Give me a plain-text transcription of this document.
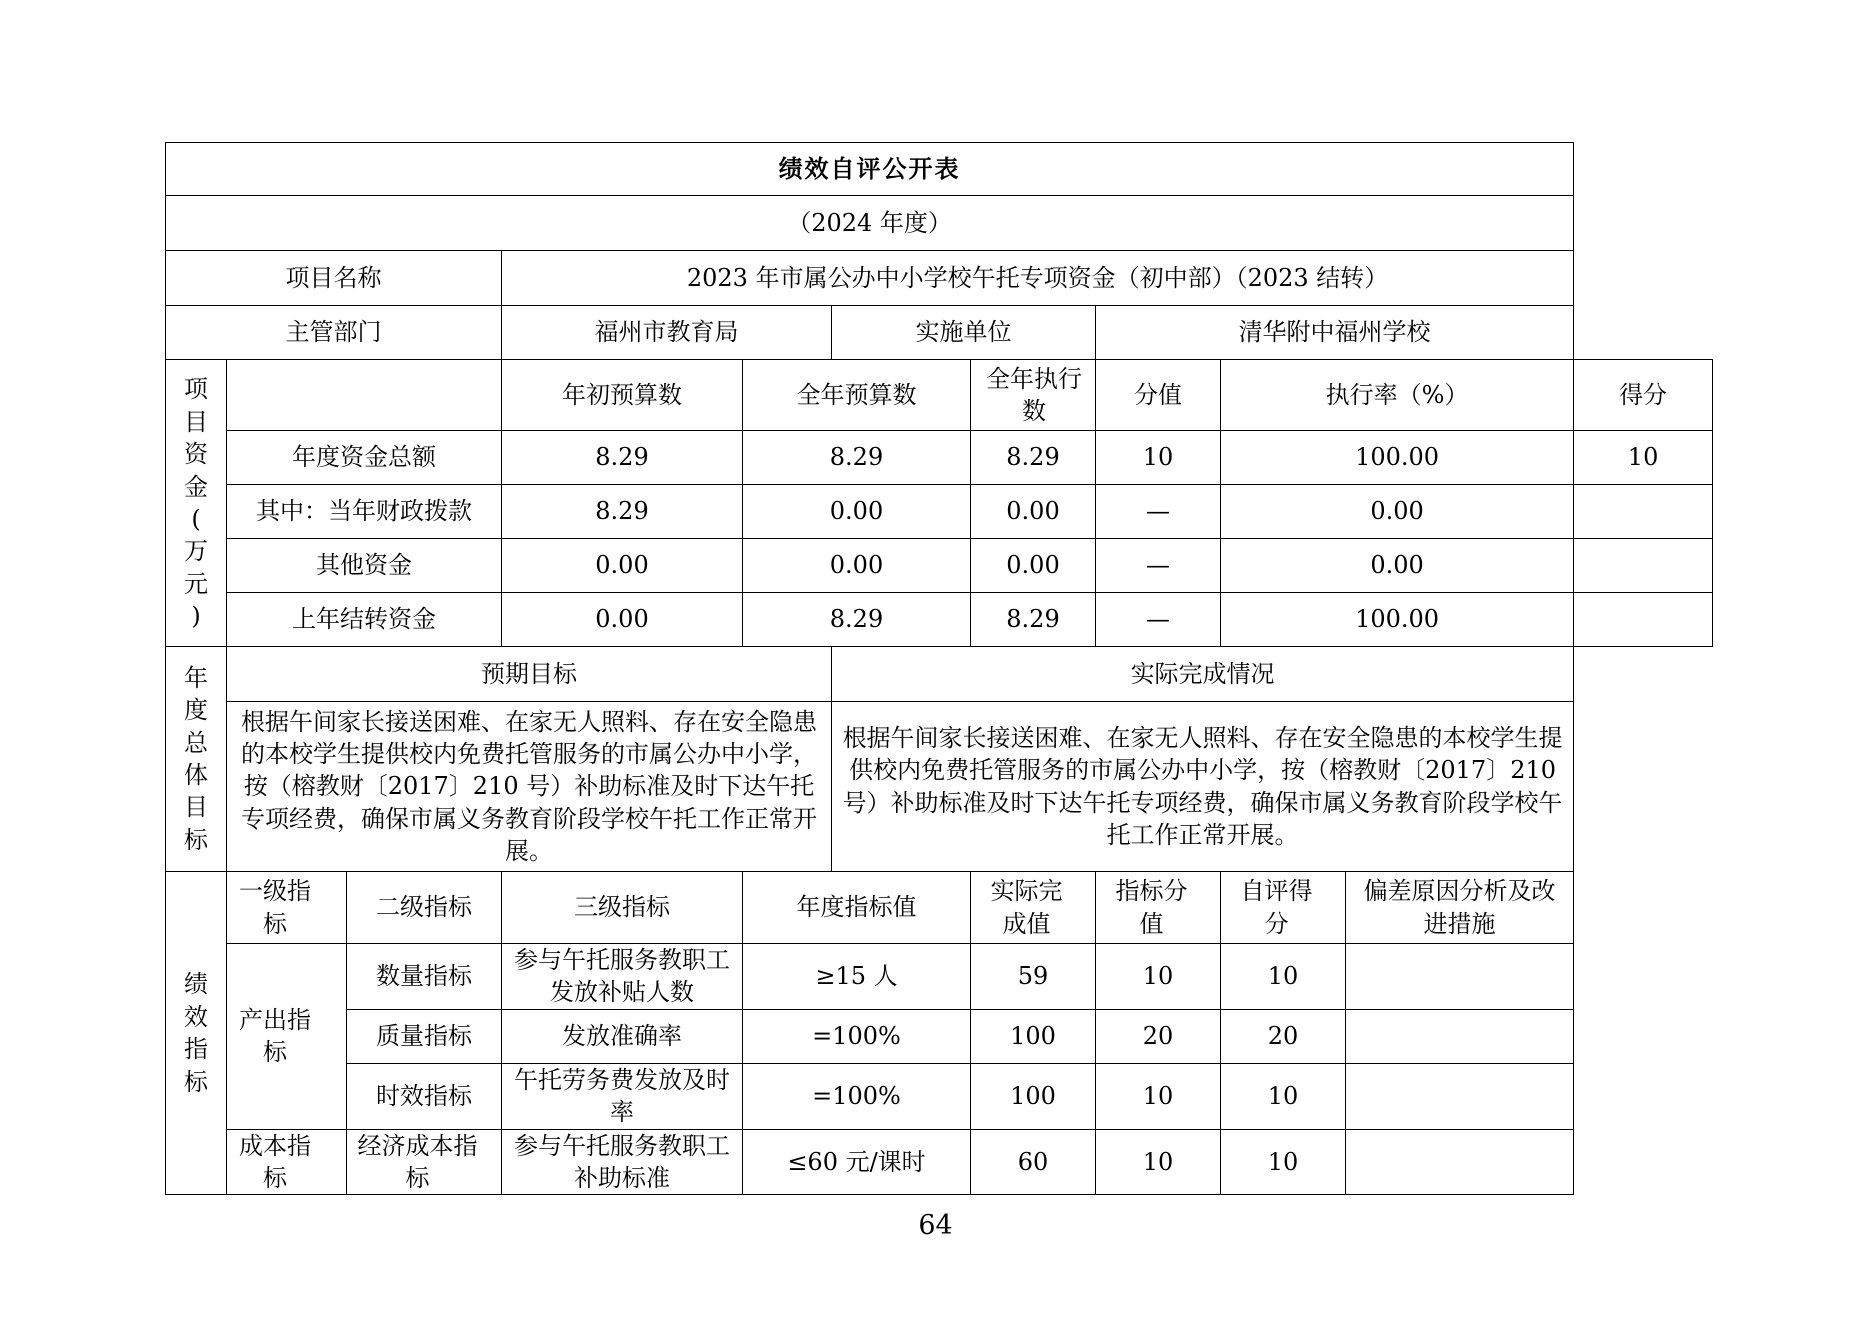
绩效自评公开表										
（2024 年度）										
项目名称			2023 年市属公办中小学校午托专项资金（初中部）（2023 结转）							
主管部门			福州市教育局		实施单位		清华附中福州学校			

项目资金(万元)			年初预算数	全年预算数		全年执行数	分值	执行率（%）		得分
	年度资金总额		8.29	8.29		8.29	10	100.00		10
	其中：当年财政拨款		8.29	0.00		0.00	—	0.00		
	其他资金		0.00	0.00		0.00	—	0.00		
	上年结转资金		0.00	8.29		8.29	—	100.00		

年度总体目标	预期目标				实际完成情况					
	根据午间家长接送困难、在家无人照料、存在安全隐患的本校学生提供校内免费托管服务的市属公办中小学，按（榕教财〔2017〕210 号）补助标准及时下达午托专项经费，确保市属义务教育阶段学校午托工作正常开展。				根据午间家长接送困难、在家无人照料、存在安全隐患的本校学生提供校内免费托管服务的市属公办中小学，按（榕教财〔2017〕210 号）补助标准及时下达午托专项经费，确保市属义务教育阶段学校午托工作正常开展。					

绩效指标	一级指标	二级指标	三级指标	年度指标值		实际完成值	指标分值	自评得分	偏差原因分析及改进措施	

	产出指标	数量指标	参与午托服务教职工发放补贴人数	≥15 人		59	10	10		
		质量指标	发放准确率	=100%		100	20	20		
		时效指标	午托劳务费发放及时率	=100%		100	10	10		

	成本指标	经济成本指标	参与午托服务教职工补助标准	≤60 元/课时		60	10	10		
64
